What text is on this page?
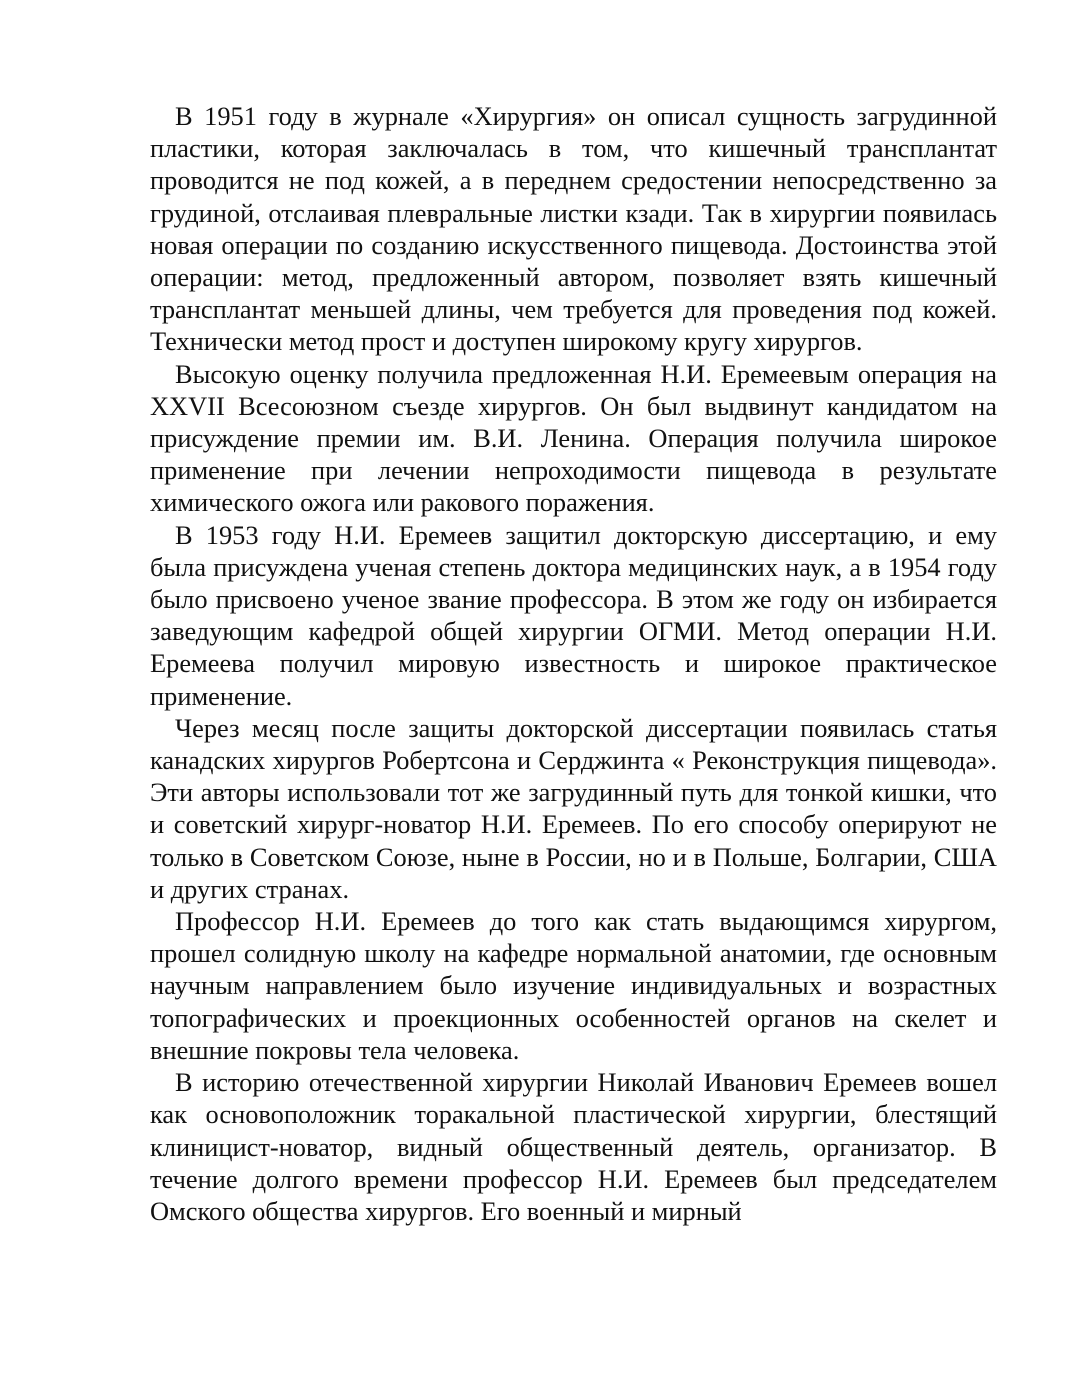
В 1951 году в журнале «Хирургия» он описал сущность загрудинной пластики, которая заключалась в том, что кишечный трансплантат проводится не под кожей, а в переднем средостении непосредственно за грудиной, отслаивая плевральные листки кзади. Так в хирургии появилась новая операции по созданию искусственного пищевода. Достоинства этой операции: метод, предложенный автором, позволяет взять кишечный трансплантат меньшей длины, чем требуется для проведения под кожей. Технически метод прост и доступен широкому кругу хирургов.

Высокую оценку получила предложенная Н.И. Еремеевым операция на XXVII Всесоюзном съезде хирургов. Он был выдвинут кандидатом на присуждение премии им. В.И. Ленина. Операция получила широкое применение при лечении непроходимости пищевода в результате химического ожога или ракового поражения.

В 1953 году Н.И. Еремеев защитил докторскую диссертацию, и ему была присуждена ученая степень доктора медицинских наук, а в 1954 году было присвоено ученое звание профессора. В этом же году он избирается заведующим кафедрой общей хирургии ОГМИ. Метод операции Н.И. Еремеева получил мировую известность и широкое практическое применение.

Через месяц после защиты докторской диссертации появилась статья канадских хирургов Робертсона и Серджинта « Реконструкция пищевода». Эти авторы использовали тот же загрудинный путь для тонкой кишки, что и советский хирург-новатор Н.И. Еремеев. По его способу оперируют не только в Советском Союзе, ныне в России, но и в Польше, Болгарии, США и других странах.

Профессор Н.И. Еремеев до того как стать выдающимся хирургом, прошел солидную школу на кафедре нормальной анатомии, где основным научным направлением было изучение индивидуальных и возрастных топографических и проекционных особенностей органов на скелет и внешние покровы тела человека.

В историю отечественной хирургии Николай Иванович Еремеев вошел как основоположник торакальной пластической хирургии, блестящий клиницист-новатор, видный общественный деятель, организатор. В течение долгого времени профессор Н.И. Еремеев был председателем Омского общества хирургов. Его военный и мирный
